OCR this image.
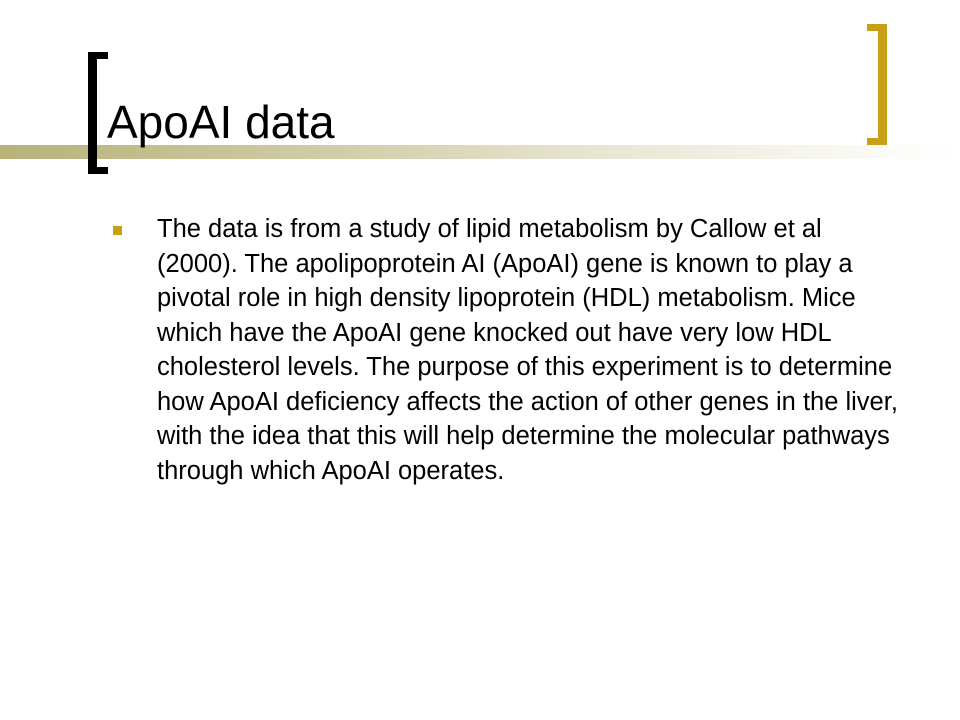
ApoAI data
The data is from a study of lipid metabolism by Callow et al (2000). The apolipoprotein AI (ApoAI) gene is known to play a pivotal role in high density lipoprotein (HDL) metabolism. Mice which have the ApoAI gene knocked out have very low HDL cholesterol levels. The purpose of this experiment is to determine how ApoAI deficiency affects the action of other genes in the liver, with the idea that this will help determine the molecular pathways through which ApoAI operates.
